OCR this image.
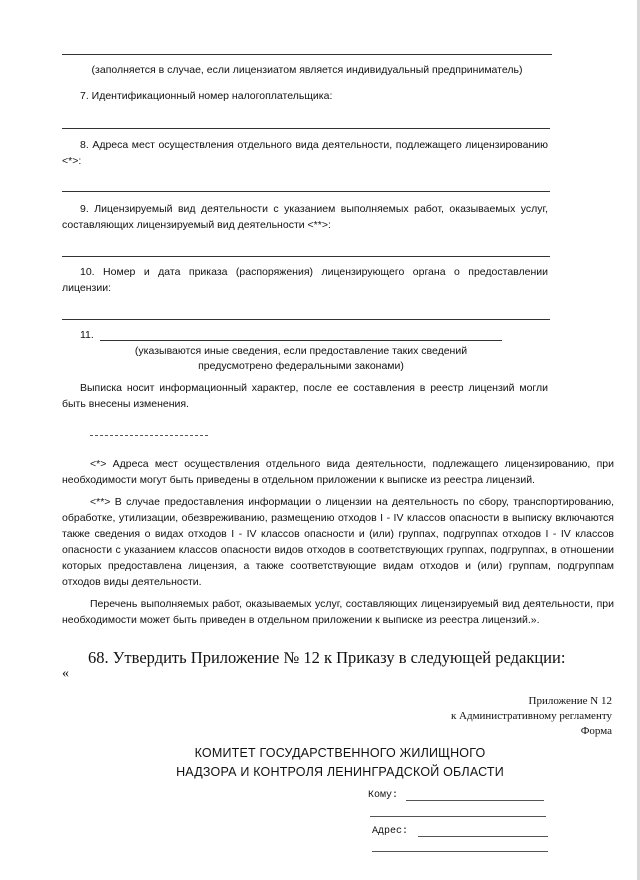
(заполняется в случае, если лицензиатом является индивидуальный предприниматель)
7. Идентификационный номер налогоплательщика:
8. Адреса мест осуществления отдельного вида деятельности, подлежащего лицензированию <*>:
9. Лицензируемый вид деятельности с указанием выполняемых работ, оказываемых услуг, составляющих лицензируемый вид деятельности <**>:
10. Номер и дата приказа (распоряжения) лицензирующего органа о предоставлении лицензии:
11.
(указываются иные сведения, если предоставление таких сведений
предусмотрено федеральными законами)
Выписка носит информационный характер, после ее составления в реестр лицензий могли быть внесены изменения.
<*> Адреса мест осуществления отдельного вида деятельности, подлежащего лицензированию, при необходимости могут быть приведены в отдельном приложении к выписке из реестра лицензий.
<**> В случае предоставления информации о лицензии на деятельность по сбору, транспортированию, обработке, утилизации, обезвреживанию, размещению отходов I - IV классов опасности в выписку включаются также сведения о видах отходов I - IV классов опасности и (или) группах, подгруппах отходов I - IV классов опасности с указанием классов опасности видов отходов в соответствующих группах, подгруппах, в отношении которых предоставлена лицензия, а также соответствующие видам отходов и (или) группам, подгруппам отходов виды деятельности.
Перечень выполняемых работ, оказываемых услуг, составляющих лицензируемый вид деятельности, при необходимости может быть приведен в отдельном приложении к выписке из реестра лицензий.».
68. Утвердить Приложение № 12 к Приказу в следующей редакции:
«
Приложение N 12
к Административному регламенту
Форма
КОМИТЕТ ГОСУДАРСТВЕННОГО ЖИЛИЩНОГО
НАДЗОРА И КОНТРОЛЯ ЛЕНИНГРАДСКОЙ ОБЛАСТИ
Кому:
Адрес:
